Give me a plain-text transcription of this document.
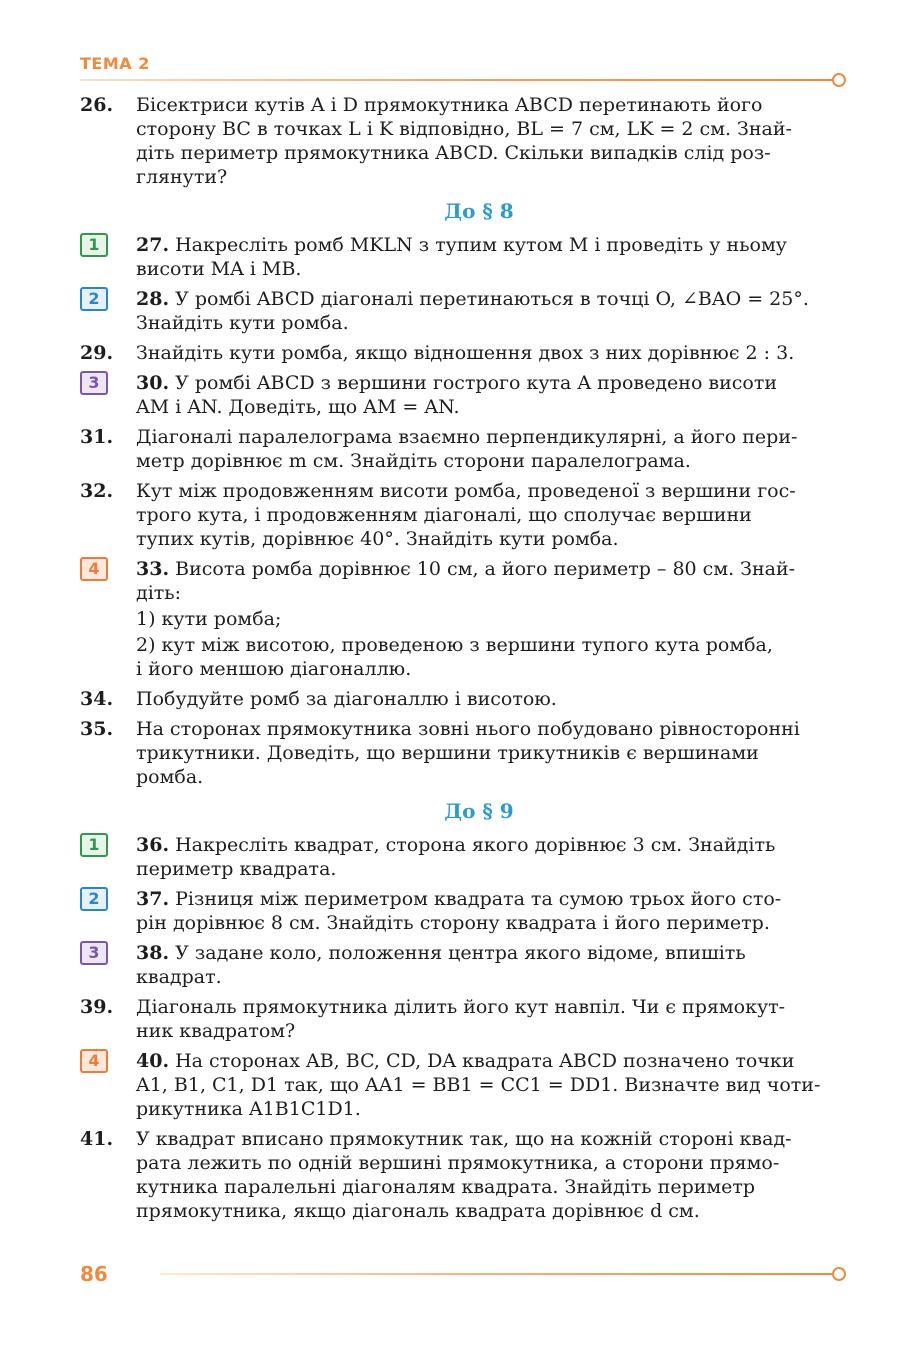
ТЕМА 2
26. Бісектриси кутів A і D прямокутника ABCD перетинають його
сторону BC в точках L і K відповідно, BL = 7 см, LK = 2 см. Знай-
діть периметр прямокутника ABCD. Скільки випадків слід роз-
глянути?
До § 8
1	27. Накресліть ромб MKLN з тупим кутом M і проведіть у ньому
висоти MA і MB.
2	28. У ромбі ABCD діагоналі перетинаються в точці O, ∠BAO = 25°.
Знайдіть кути ромба.
29. Знайдіть кути ромба, якщо відношення двох з них дорівнює 2 : 3.
3	30. У ромбі ABCD з вершини гострого кута A проведено висоти
AM і AN. Доведіть, що AM = AN.
31. Діагоналі паралелограма взаємно перпендикулярні, а його пери-
метр дорівнює m см. Знайдіть сторони паралелограма.
32. Кут між продовженням висоти ромба, проведеної з вершини гос-
трого кута, і продовженням діагоналі, що сполучає вершини
тупих кутів, дорівнює 40°. Знайдіть кути ромба.
4	33. Висота ромба дорівнює 10 см, а його периметр – 80 см. Знай-
діть:
1) кути ромба;
2) кут між висотою, проведеною з вершини тупого кута ромба,
і його меншою діагоналлю.
34. Побудуйте ромб за діагоналлю і висотою.
35. На сторонах прямокутника зовні нього побудовано рівносторонні
трикутники. Доведіть, що вершини трикутників є вершинами
ромба.
До § 9
1	36. Накресліть квадрат, сторона якого дорівнює 3 см. Знайдіть
периметр квадрата.
2	37. Різниця між периметром квадрата та сумою трьох його сто-
рін дорівнює 8 см. Знайдіть сторону квадрата і його периметр.
3	38. У задане коло, положення центра якого відоме, впишіть
квадрат.
39. Діагональ прямокутника ділить його кут навпіл. Чи є прямокут-
ник квадратом?
4	40. На сторонах AB, BC, CD, DA квадрата ABCD позначено точки
A1, B1, C1, D1 так, що AA1 = BB1 = CC1 = DD1. Визначте вид чоти-
рикутника A1B1C1D1.
41. У квадрат вписано прямокутник так, що на кожній стороні квад-
рата лежить по одній вершині прямокутника, а сторони прямо-
кутника паралельні діагоналям квадрата. Знайдіть периметр
прямокутника, якщо діагональ квадрата дорівнює d см.
86
